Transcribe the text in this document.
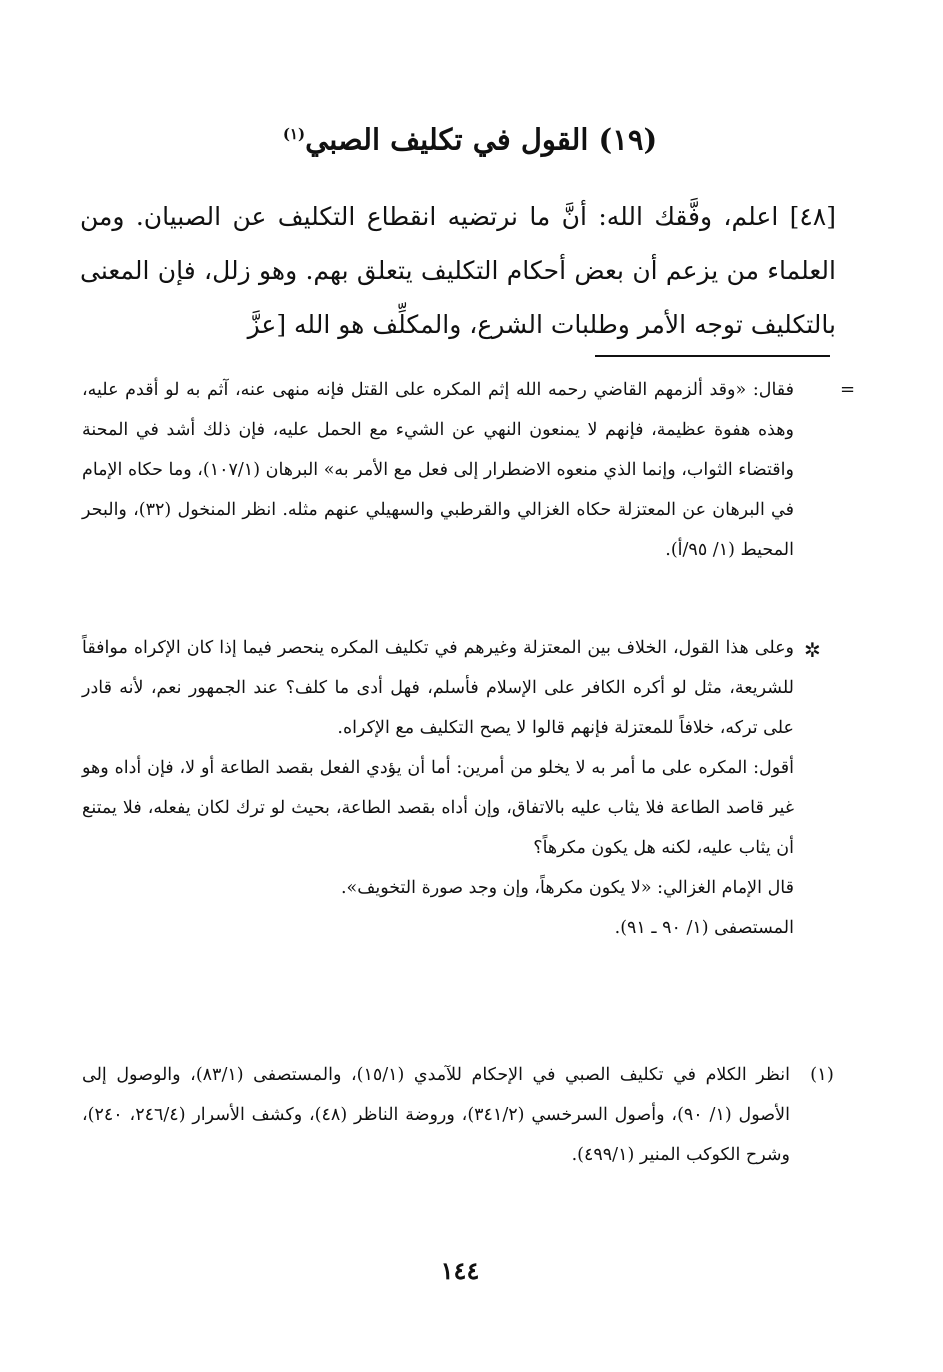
(١٩) القول في تكليف الصبي$^{(١)}$

[٤٨] اعلم، وفَّقك الله: أنَّ ما نرتضيه انقطاع التكليف عن الصبيان. ومن العلماء من يزعم أن بعض أحكام التكليف يتعلق بهم. وهو زلل، فإن المعنى بالتكليف توجه الأمر وطلبات الشرع، والمكلِّف هو الله [عزَّ

=

فقال: «وقد ألزمهم القاضي رحمه الله إثم المكره على القتل فإنه منهى عنه، آثم به لو أقدم عليه، وهذه هفوة عظيمة، فإنهم لا يمنعون النهي عن الشيء مع الحمل عليه، فإن ذلك أشد في المحنة واقتضاء الثواب، وإنما الذي منعوه الاضطرار إلى فعل مع الأمر به» البرهان (١٠٧/١)، وما حكاه الإمام في البرهان عن المعتزلة حكاه الغزالي والقرطبي والسهيلي عنهم مثله. انظر المنخول (٣٢)، والبحر المحيط (١/ ٩٥/أ).

✲

وعلى هذا القول، الخلاف بين المعتزلة وغيرهم في تكليف المكره ينحصر فيما إذا كان الإكراه موافقاً للشريعة، مثل لو أكره الكافر على الإسلام فأسلم، فهل أدى ما كلف؟ عند الجمهور نعم، لأنه قادر على تركه، خلافاً للمعتزلة فإنهم قالوا لا يصح التكليف مع الإكراه.

أقول: المكره على ما أمر به لا يخلو من أمرين: أما أن يؤدي الفعل بقصد الطاعة أو لا، فإن أداه وهو غير قاصد الطاعة فلا يثاب عليه بالاتفاق، وإن أداه بقصد الطاعة، بحيث لو ترك لكان يفعله، فلا يمتنع أن يثاب عليه، لكنه هل يكون مكرهاً؟

قال الإمام الغزالي: «لا يكون مكرهاً، وإن وجد صورة التخويف».

المستصفى (١/ ٩٠ ـ ٩١).

(١)

انظر الكلام في تكليف الصبي في الإحكام للآمدي (١٥/١)، والمستصفى (٨٣/١)، والوصول إلى الأصول (١/ ٩٠)، وأصول السرخسي (٣٤١/٢)، وروضة الناظر (٤٨)، وكشف الأسرار (٢٤٦/٤، ٢٤٠)، وشرح الكوكب المنير (٤٩٩/١).

١٤٤
